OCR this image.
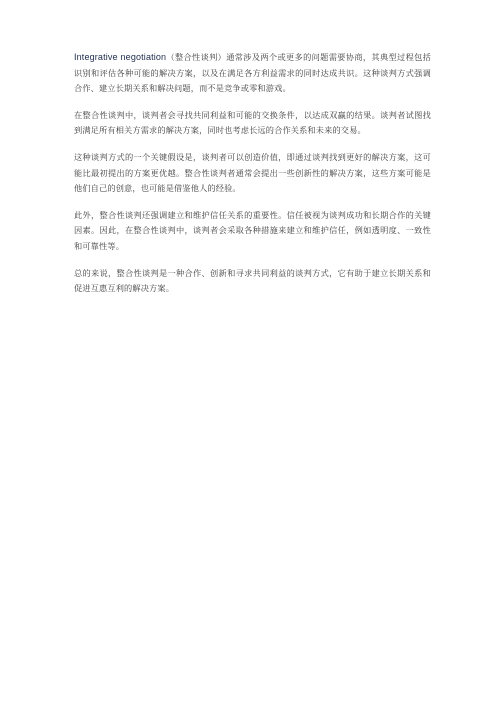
Integrative negotiation（整合性谈判）通常涉及两个或更多的问题需要协商，其典型过程包括识别和评估各种可能的解决方案，以及在满足各方利益需求的同时达成共识。这种谈判方式强调合作、建立长期关系和解决问题，而不是竞争或零和游戏。

在整合性谈判中，谈判者会寻找共同利益和可能的交换条件，以达成双赢的结果。谈判者试图找到满足所有相关方需求的解决方案，同时也考虑长远的合作关系和未来的交易。

这种谈判方式的一个关键假设是，谈判者可以创造价值，即通过谈判找到更好的解决方案，这可能比最初提出的方案更优越。整合性谈判者通常会提出一些创新性的解决方案，这些方案可能是他们自己的创意，也可能是借鉴他人的经验。

此外，整合性谈判还强调建立和维护信任关系的重要性。信任被视为谈判成功和长期合作的关键因素。因此，在整合性谈判中，谈判者会采取各种措施来建立和维护信任，例如透明度、一致性和可靠性等。

总的来说，整合性谈判是一种合作、创新和寻求共同利益的谈判方式，它有助于建立长期关系和促进互惠互利的解决方案。
